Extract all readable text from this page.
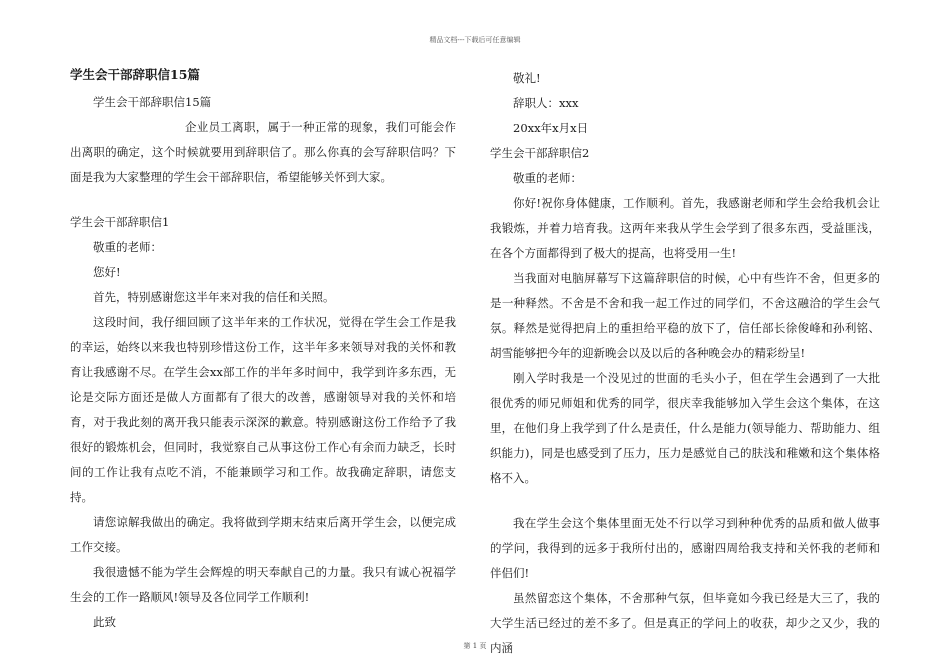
精品文档---下载后可任意编辑
学生会干部辞职信15篇

学生会干部辞职信15篇

企业员工离职，属于一种正常的现象，我们可能会作出离职的确定，这个时候就要用到辞职信了。那么你真的会写辞职信吗？下面是我为大家整理的学生会干部辞职信，希望能够关怀到大家。

学生会干部辞职信1

敬重的老师：

您好!

首先，特别感谢您这半年来对我的信任和关照。

这段时间，我仔细回顾了这半年来的工作状况，觉得在学生会工作是我的幸运，始终以来我也特别珍惜这份工作，这半年多来领导对我的关怀和教育让我感谢不尽。在学生会xx部工作的半年多时间中，我学到许多东西，无论是交际方面还是做人方面都有了很大的改善，感谢领导对我的关怀和培育，对于我此刻的离开我只能表示深深的歉意。特别感谢这份工作给予了我很好的锻炼机会，但同时，我觉察自己从事这份工作心有余而力缺乏，长时间的工作让我有点吃不消，不能兼顾学习和工作。故我确定辞职，请您支持。

请您谅解我做出的确定。我将做到学期末结束后离开学生会，以便完成工作交接。

我很遗憾不能为学生会辉煌的明天奉献自己的力量。我只有诚心祝福学生会的工作一路顺风!领导及各位同学工作顺利!

此致

敬礼!

辞职人：xxx

20xx年x月x日

学生会干部辞职信2

敬重的老师：

你好!祝你身体健康，工作顺利。首先，我感谢老师和学生会给我机会让我锻炼，并着力培育我。这两年来我从学生会学到了很多东西，受益匪浅，在各个方面都得到了极大的提高，也将受用一生!

当我面对电脑屏幕写下这篇辞职信的时候，心中有些许不舍，但更多的是一种释然。不舍是不舍和我一起工作过的同学们，不舍这融洽的学生会气氛。释然是觉得把肩上的重担给平稳的放下了，信任部长徐俊峰和孙利铭、胡雪能够把今年的迎新晚会以及以后的各种晚会办的精彩纷呈!

刚入学时我是一个没见过的世面的毛头小子，但在学生会遇到了一大批很优秀的师兄师姐和优秀的同学，很庆幸我能够加入学生会这个集体，在这里，在他们身上我学到了什么是责任，什么是能力(领导能力、帮助能力、组织能力)，同是也感受到了压力，压力是感觉自己的肤浅和稚嫩和这个集体格格不入。

我在学生会这个集体里面无处不行以学习到种种优秀的品质和做人做事的学问，我得到的远多于我所付出的，感谢四周给我支持和关怀我的老师和伴侣们!

虽然留恋这个集体，不舍那种气氛，但毕竟如今我已经是大三了，我的大学生活已经过的差不多了。但是真正的学问上的收获，却少之又少，我的内涵

第 1 页
